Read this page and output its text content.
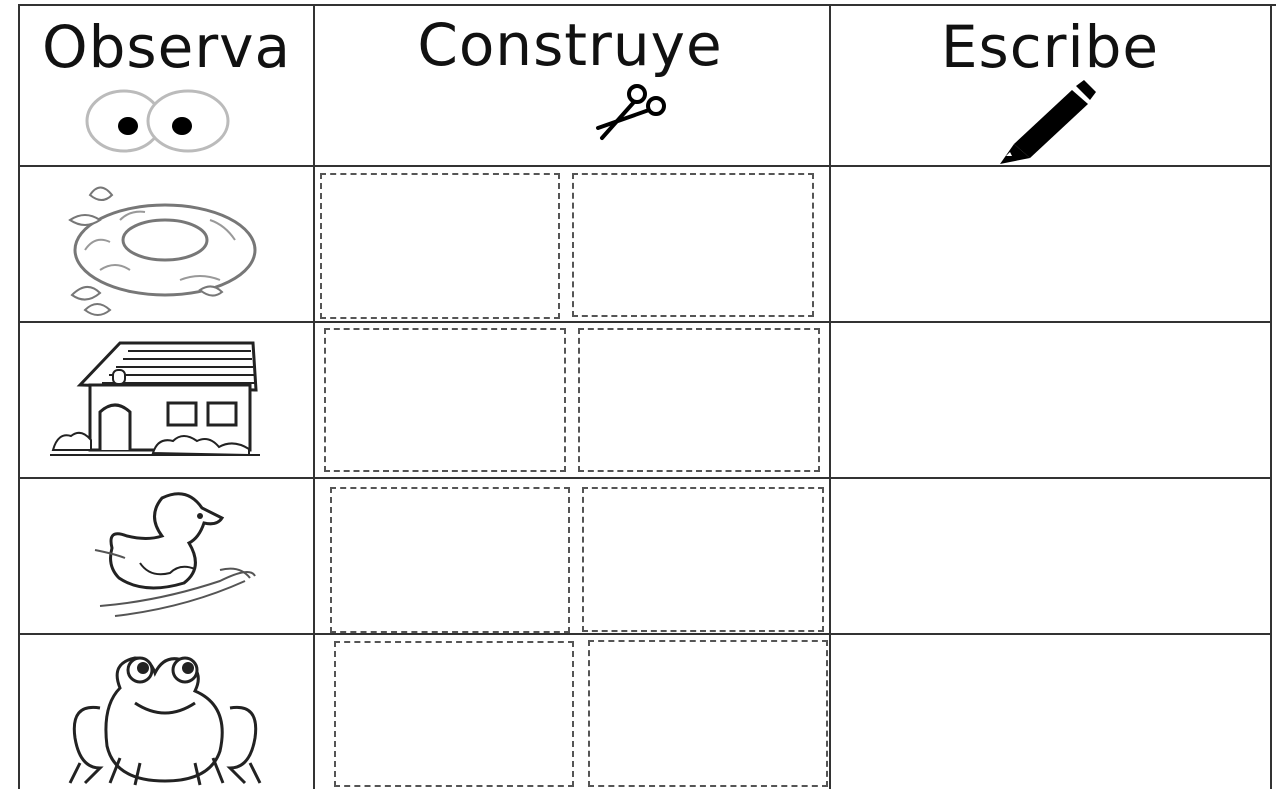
Observa	Construye	Escribe
